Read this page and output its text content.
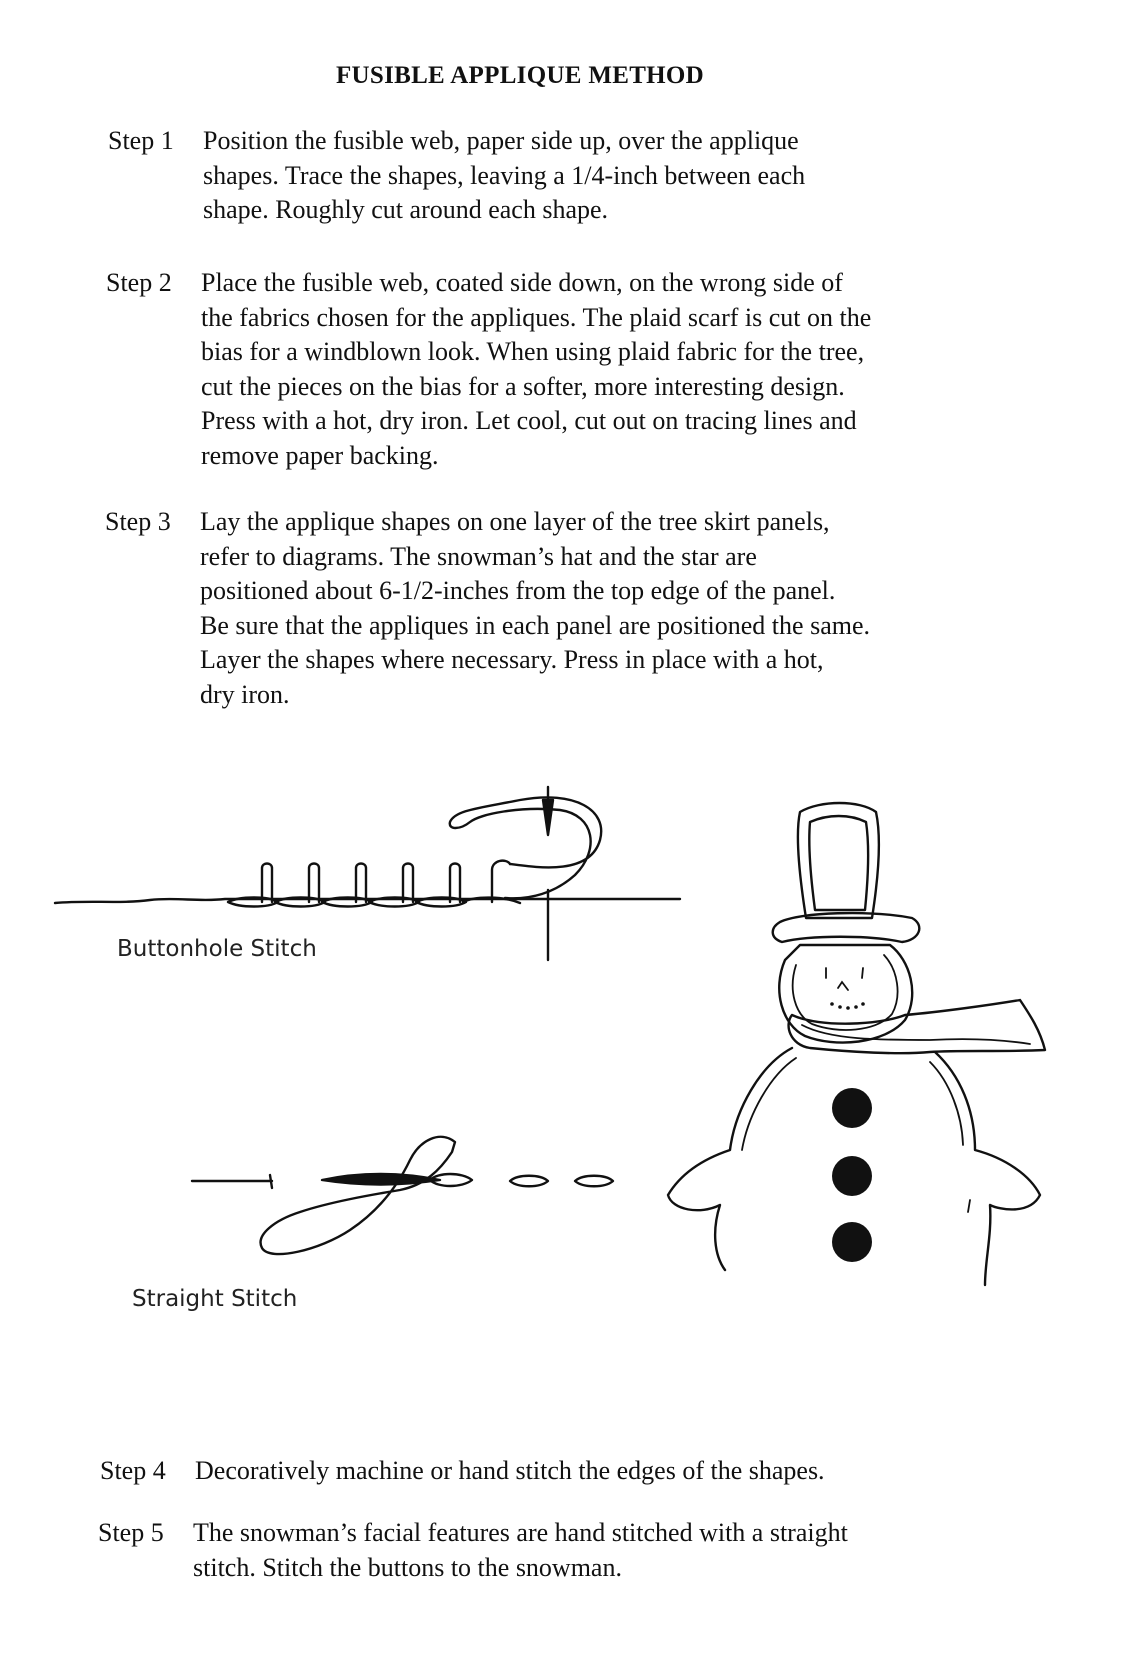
FUSIBLE APPLIQUE METHOD
Step 1 Position the fusible web, paper side up, over the applique
shapes. Trace the shapes, leaving a 1/4-inch between each
shape. Roughly cut around each shape.
Step 2 Place the fusible web, coated side down, on the wrong side of
the fabrics chosen for the appliques. The plaid scarf is cut on the
bias for a windblown look. When using plaid fabric for the tree,
cut the pieces on the bias for a softer, more interesting design.
Press with a hot, dry iron. Let cool, cut out on tracing lines and
remove paper backing.
Step 3 Lay the applique shapes on one layer of the tree skirt panels,
refer to diagrams. The snowman’s hat and the star are
positioned about 6-1/2-inches from the top edge of the panel.
Be sure that the appliques in each panel are positioned the same.
Layer the shapes where necessary. Press in place with a hot,
dry iron.
Buttonhole Stitch
Straight Stitch
Step 4 Decoratively machine or hand stitch the edges of the shapes.
Step 5 The snowman’s facial features are hand stitched with a straight
stitch. Stitch the buttons to the snowman.
